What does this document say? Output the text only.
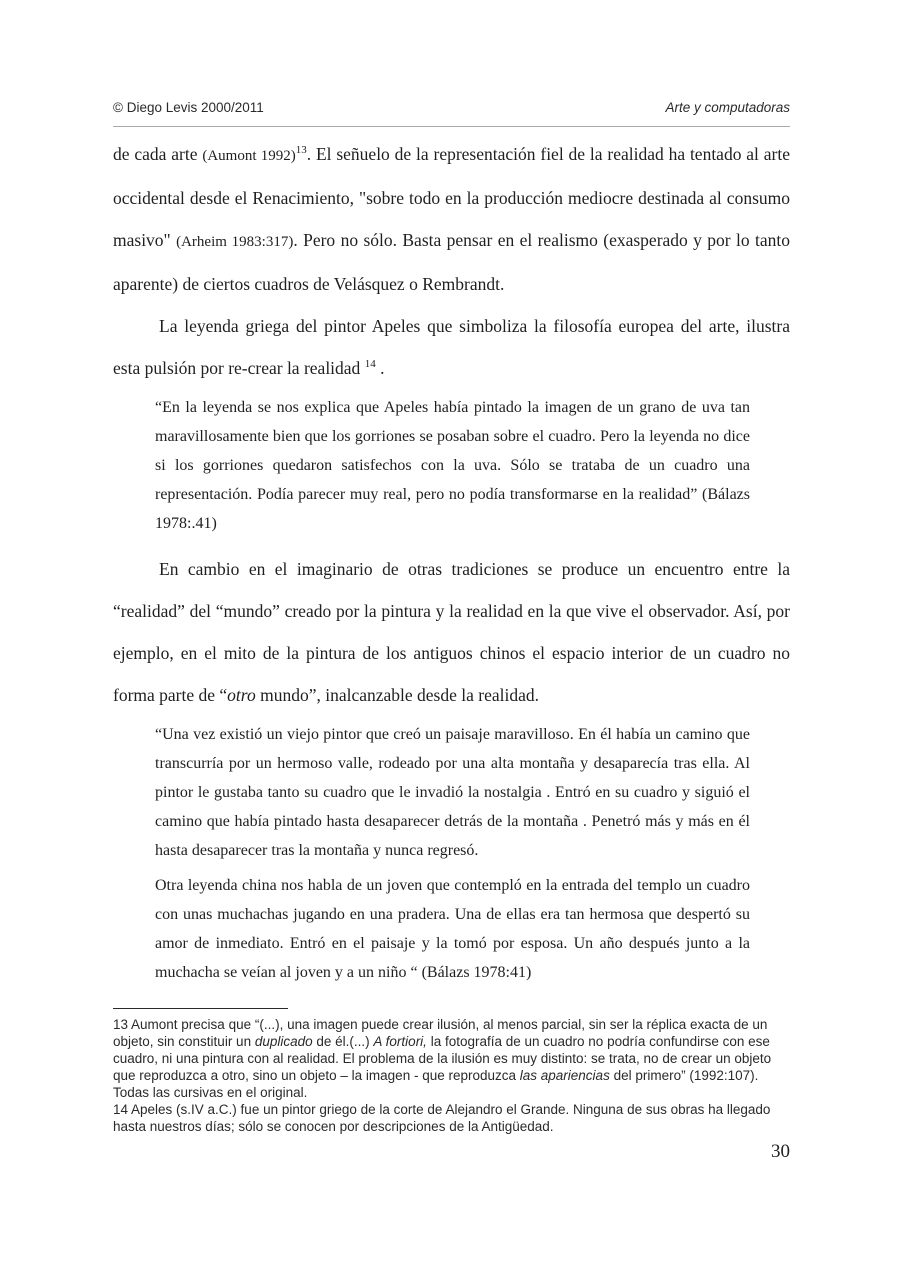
© Diego Levis 2000/2011	Arte y computadoras

de cada arte (Aumont 1992)$^{13}$. El señuelo de la representación fiel de la realidad ha tentado al arte occidental desde el Renacimiento, "sobre todo en la producción mediocre destinada al consumo masivo" (Arheim 1983:317). Pero no sólo. Basta pensar en el realismo (exasperado y por lo tanto aparente) de ciertos cuadros de Velásquez o Rembrandt.

La leyenda griega del pintor Apeles que simboliza la filosofía europea del arte, ilustra esta pulsión por re-crear la realidad $^{14}$ .

“En la leyenda se nos explica que Apeles había pintado la imagen de un grano de uva tan maravillosamente bien que los gorriones se posaban sobre el cuadro. Pero la leyenda no dice si los gorriones quedaron satisfechos con la uva. Sólo se trataba de un cuadro una representación. Podía parecer muy real, pero no podía transformarse en la realidad” (Bálazs 1978:.41)

En cambio en el imaginario de otras tradiciones se produce un encuentro entre la “realidad” del “mundo” creado por la pintura y la realidad en la que vive el observador. Así, por ejemplo, en el mito de la pintura de los antiguos chinos el espacio interior de un cuadro no forma parte de “otro mundo”, inalcanzable desde la realidad.

“Una vez existió un viejo pintor que creó un paisaje maravilloso. En él había un camino que transcurría por un hermoso valle, rodeado por una alta montaña y desaparecía tras ella. Al pintor le gustaba tanto su cuadro que le invadió la nostalgia . Entró en su cuadro y siguió el camino que había pintado hasta desaparecer detrás de la montaña . Penetró más y más en él hasta desaparecer tras la montaña y nunca regresó.

Otra leyenda china nos habla de un joven que contempló en la entrada del templo un cuadro con unas muchachas jugando en una pradera. Una de ellas era tan hermosa que despertó su amor de inmediato. Entró en el paisaje y la tomó por esposa. Un año después junto a la muchacha se veían al joven y a un niño “ (Bálazs 1978:41)

13 Aumont precisa que “(...), una imagen puede crear ilusión, al menos parcial, sin ser la réplica exacta de un objeto, sin constituir un duplicado de él.(...) A fortiori, la fotografía de un cuadro no podría confundirse con ese cuadro, ni una pintura con al realidad. El problema de la ilusión es muy distinto: se trata, no de crear un objeto que reproduzca a otro, sino un objeto – la imagen - que reproduzca las apariencias del primero” (1992:107). Todas las cursivas en el original.

14 Apeles (s.IV a.C.) fue un pintor griego de la corte de Alejandro el Grande. Ninguna de sus obras ha llegado hasta nuestros días; sólo se conocen por descripciones de la Antigüedad.

30
